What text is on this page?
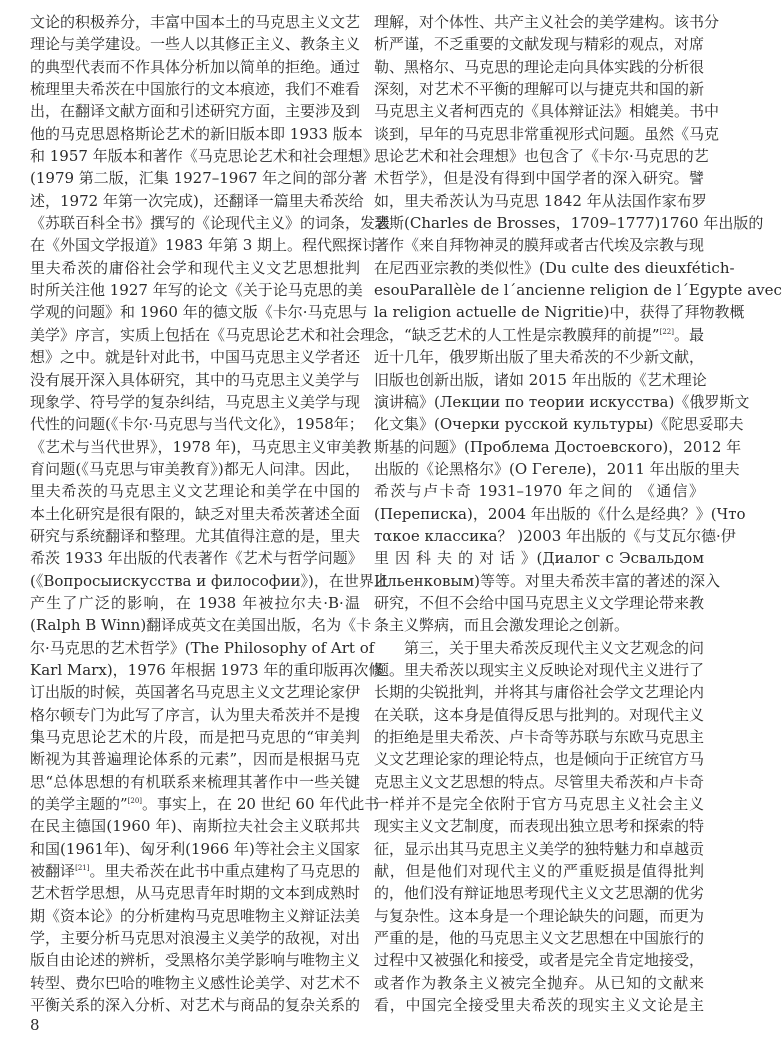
文论的积极养分，丰富中国本土的马克思主义文艺
理论与美学建设。一些人以其修正主义、教条主义
的典型代表而不作具体分析加以简单的拒绝。通过
梳理里夫希茨在中国旅行的文本痕迹，我们不难看
出，在翻译文献方面和引述研究方面，主要涉及到
他的马克思恩格斯论艺术的新旧版本即 1933 版本
和 1957 年版本和著作《马克思论艺术和社会理想》
(1979 第二版，汇集 1927–1967 年之间的部分著
述，1972 年第一次完成)，还翻译一篇里夫希茨给
《苏联百科全书》撰写的《论现代主义》的词条，发表
在《外国文学报道》1983 年第 3 期上。程代熙探讨
里夫希茨的庸俗社会学和现代主义文艺思想批判
时所关注他 1927 年写的论文《关于论马克思的美
学观的问题》和 1960 年的德文版《卡尔·马克思与
美学》序言，实质上包括在《马克思论艺术和社会理
想》之中。就是针对此书，中国马克思主义学者还
没有展开深入具体研究，其中的马克思主义美学与
现象学、符号学的复杂纠结，马克思主义美学与现
代性的问题(《卡尔·马克思与当代文化》，1958年；
《艺术与当代世界》，1978 年)，马克思主义审美教
育问题(《马克思与审美教育》)都无人问津。因此，
里夫希茨的马克思主义文艺理论和美学在中国的
本土化研究是很有限的，缺乏对里夫希茨著述全面
研究与系统翻译和整理。尤其值得注意的是，里夫
希茨 1933 年出版的代表著作《艺术与哲学问题》
(《Вопросыискусства и философии》)，在世界上
产生了广泛的影响，在 1938 年被拉尔夫·B·温
(Ralph B Winn)翻译成英文在美国出版，名为《卡
尔·马克思的艺术哲学》(The Philosophy of Art of
Karl Marx)，1976 年根据 1973 年的重印版再次修
订出版的时候，英国著名马克思主义文艺理论家伊
格尔顿专门为此写了序言，认为里夫希茨并不是搜
集马克思论艺术的片段，而是把马克思的“审美判
断视为其普遍理论体系的元素”，因而是根据马克
思“总体思想的有机联系来梳理其著作中一些关键
的美学主题的”[20]。事实上，在 20 世纪 60 年代此书
在民主德国(1960 年)、南斯拉夫社会主义联邦共
和国(1961年)、匈牙利(1966 年)等社会主义国家
被翻译[21]。里夫希茨在此书中重点建构了马克思的
艺术哲学思想，从马克思青年时期的文本到成熟时
期《资本论》的分析建构马克思唯物主义辩证法美
学，主要分析马克思对浪漫主义美学的敌视，对出
版自由论述的辨析，受黑格尔美学影响与唯物主义
转型、费尔巴哈的唯物主义感性论美学、对艺术不
平衡关系的深入分析、对艺术与商品的复杂关系的
理解，对个体性、共产主义社会的美学建构。该书分
析严谨，不乏重要的文献发现与精彩的观点，对席
勒、黑格尔、马克思的理论走向具体实践的分析很
深刻，对艺术不平衡的理解可以与捷克共和国的新
马克思主义者柯西克的《具体辩证法》相媲美。书中
谈到，早年的马克思非常重视形式问题。虽然《马克
思论艺术和社会理想》也包含了《卡尔·马克思的艺
术哲学》，但是没有得到中国学者的深入研究。譬
如，里夫希茨认为马克思 1842 年从法国作家布罗
瑟斯(Charles de Brosses，1709–1777)1760 年出版的
著作《来自拜物神灵的膜拜或者古代埃及宗教与现
在尼西亚宗教的类似性》(Du culte des dieuxfétich-
esouParallèle de l´ancienne religion de l´Egypte avec
la religion actuelle de Nigritie)中，获得了拜物教概
念，“缺乏艺术的人工性是宗教膜拜的前提”[22]。最
近十几年，俄罗斯出版了里夫希茨的不少新文献，
旧版也创新出版，诸如 2015 年出版的《艺术理论
演讲稿》(Лекции по теории искусства)《俄罗斯文
化文集》(Очерки русской культуры)《陀思妥耶夫
斯基的问题》(Проблема Достоевского)，2012 年
出版的《论黑格尔》(О Гегеле)，2011 年出版的里夫
希茨与卢卡奇 1931–1970 年之间的 《通信》
(Переписка)，2004 年出版的《什么是经典？》(Что
тαкое классика？ )2003 年出版的《与艾瓦尔德·伊
里 因 科 夫 的 对 话 》(Диалог с Эсвальдом
Ильенковым)等等。对里夫希茨丰富的著述的深入
研究，不但不会给中国马克思主义文学理论带来教
条主义弊病，而且会激发理论之创新。
第三，关于里夫希茨反现代主义文艺观念的问
题。里夫希茨以现实主义反映论对现代主义进行了
长期的尖锐批判，并将其与庸俗社会学文艺理论内
在关联，这本身是值得反思与批判的。对现代主义
的拒绝是里夫希茨、卢卡奇等苏联与东欧马克思主
义文艺理论家的理论特点，也是倾向于正统官方马
克思主义文艺思想的特点。尽管里夫希茨和卢卡奇
一样并不是完全依附于官方马克思主义社会主义
现实主义文艺制度，而表现出独立思考和探索的特
征，显示出其马克思主义美学的独特魅力和卓越贡
献，但是他们对现代主义的严重贬损是值得批判
的，他们没有辩证地思考现代主义文艺思潮的优劣
与复杂性。这本身是一个理论缺失的问题，而更为
严重的是，他的马克思主义文艺思想在中国旅行的
过程中又被强化和接受，或者是完全肯定地接受，
或者作为教条主义被完全抛弃。从已知的文献来
看，中国完全接受里夫希茨的现实主义文论是主
8
